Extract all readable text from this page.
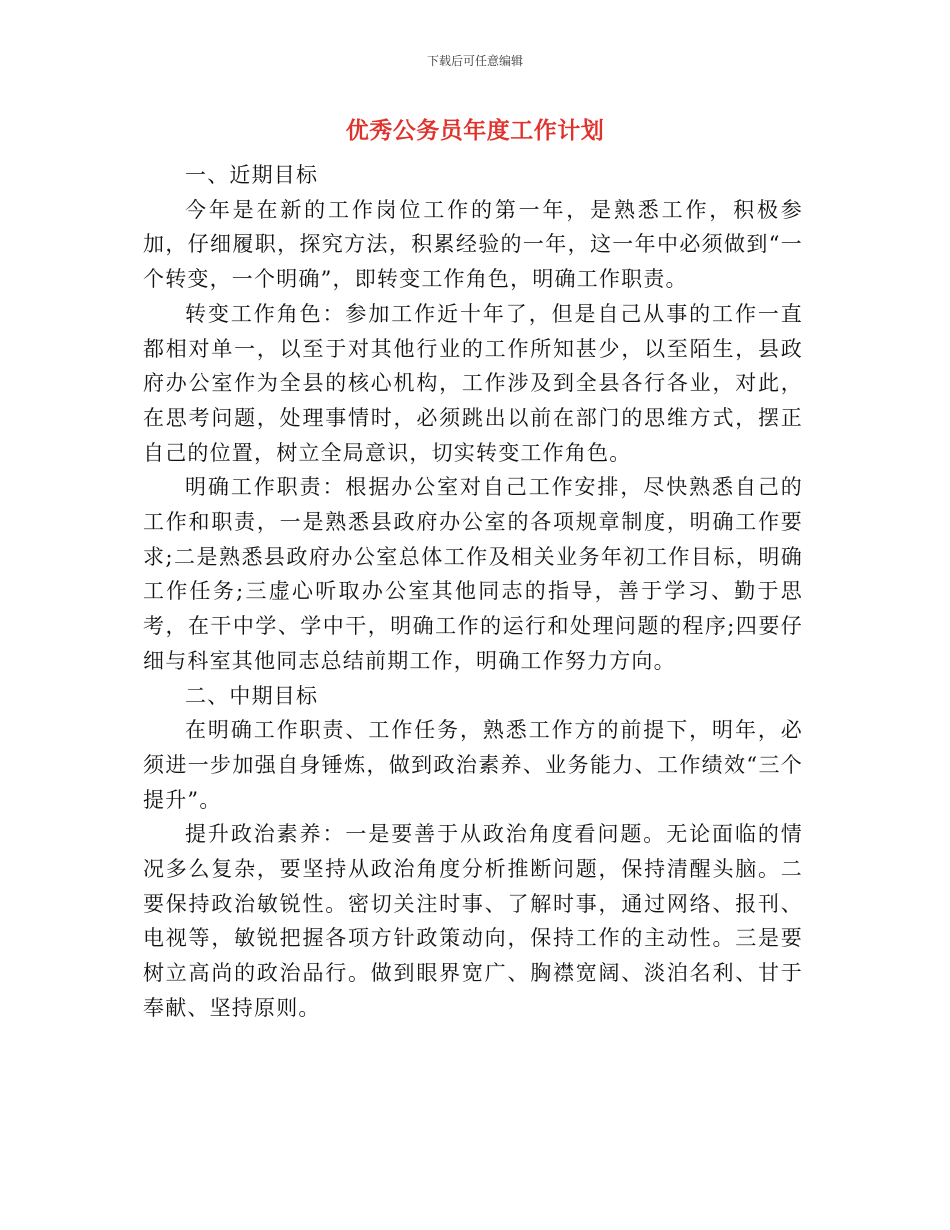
下载后可任意编辑
优秀公务员年度工作计划

一、近期目标

今年是在新的工作岗位工作的第一年，是熟悉工作，积极参加，仔细履职，探究方法，积累经验的一年，这一年中必须做到“一个转变，一个明确”，即转变工作角色，明确工作职责。

转变工作角色：参加工作近十年了，但是自己从事的工作一直都相对单一，以至于对其他行业的工作所知甚少，以至陌生，县政府办公室作为全县的核心机构，工作涉及到全县各行各业，对此，在思考问题，处理事情时，必须跳出以前在部门的思维方式，摆正自己的位置，树立全局意识，切实转变工作角色。

明确工作职责：根据办公室对自己工作安排，尽快熟悉自己的工作和职责，一是熟悉县政府办公室的各项规章制度，明确工作要求;二是熟悉县政府办公室总体工作及相关业务年初工作目标，明确工作任务;三虚心听取办公室其他同志的指导，善于学习、勤于思考，在干中学、学中干，明确工作的运行和处理问题的程序;四要仔细与科室其他同志总结前期工作，明确工作努力方向。

二、中期目标

在明确工作职责、工作任务，熟悉工作方的前提下，明年，必须进一步加强自身锤炼，做到政治素养、业务能力、工作绩效“三个提升”。

提升政治素养：一是要善于从政治角度看问题。无论面临的情况多么复杂，要坚持从政治角度分析推断问题，保持清醒头脑。二要保持政治敏锐性。密切关注时事、了解时事，通过网络、报刊、电视等，敏锐把握各项方针政策动向，保持工作的主动性。三是要树立高尚的政治品行。做到眼界宽广、胸襟宽阔、淡泊名利、甘于奉献、坚持原则。
